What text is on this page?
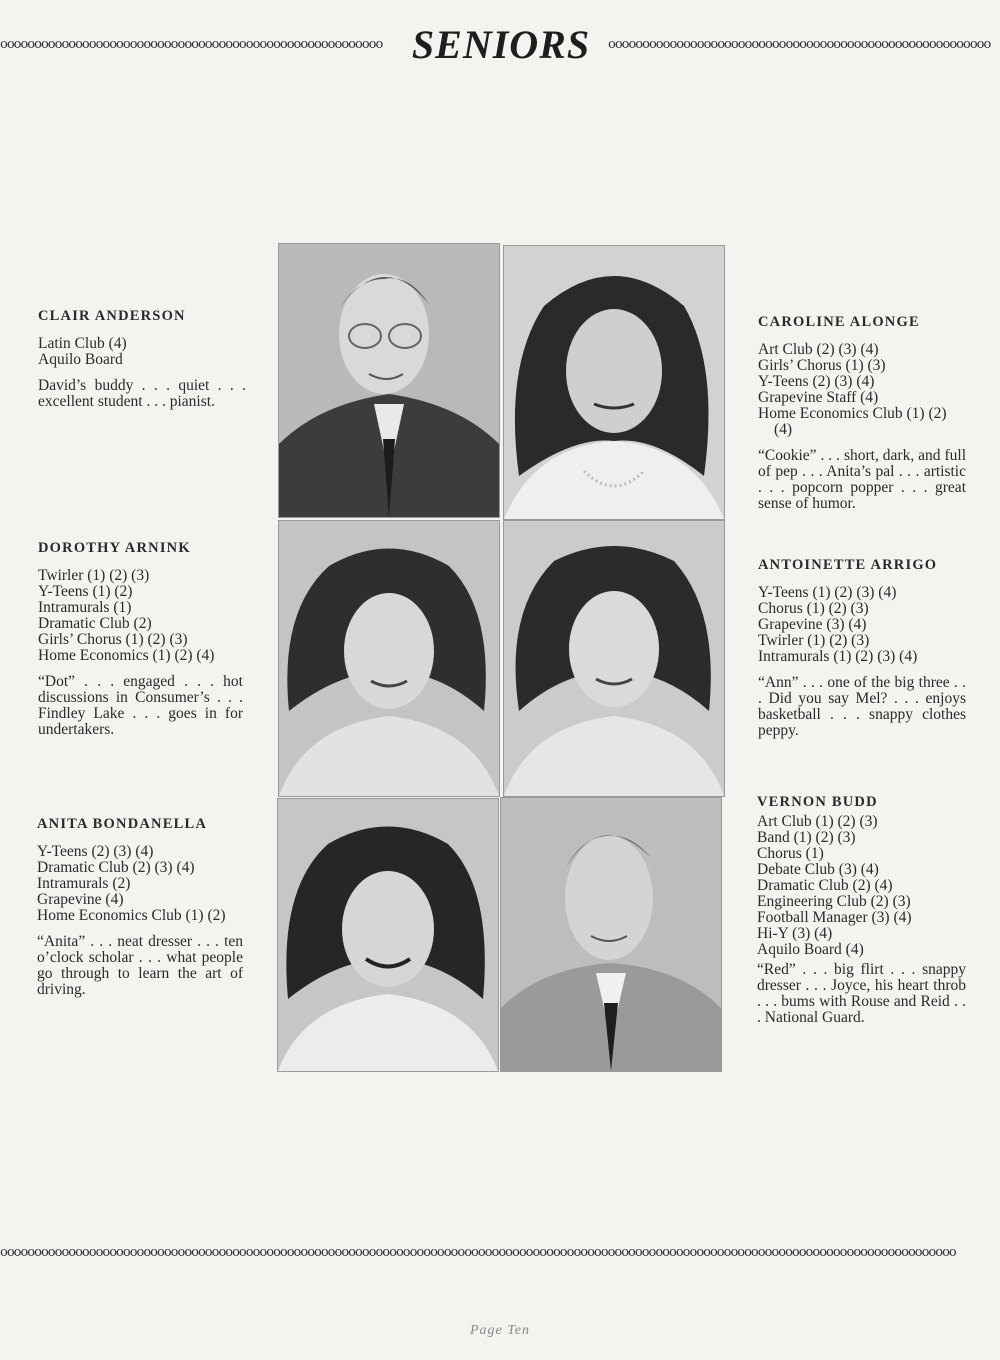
oooooooooooooooooooooooooooooooooooooooooooooooooooooooo SENIORS	oooooooooooooooooooooooooooooooooooooooooooooooooooooooo
CLAIR ANDERSON
Latin Club (4)
Aquilo Board
David’s buddy . . . quiet . . . excellent student . . . pianist.
CAROLINE ALONGE
Art Club (2) (3) (4)
Girls’ Chorus (1) (3)
Y-Teens (2) (3) (4)
Grapevine Staff (4)
Home Economics Club (1) (2) (4)
“Cookie” . . . short, dark, and full of pep . . . Anita’s pal . . . artistic . . . popcorn popper . . . great sense of humor.
DOROTHY ARNINK
Twirler (1) (2) (3)
Y-Teens (1) (2)
Intramurals (1)
Dramatic Club (2)
Girls’ Chorus (1) (2) (3)
Home Economics (1) (2) (4)
“Dot” . . . engaged . . . hot discussions in Consumer’s . . . Findley Lake . . . goes in for undertakers.
ANTOINETTE ARRIGO
Y-Teens (1) (2) (3) (4)
Chorus (1) (2) (3)
Grapevine (3) (4)
Twirler (1) (2) (3)
Intramurals (1) (2) (3) (4)
“Ann” . . . one of the big three . . . Did you say Mel? . . . enjoys basketball . . . snappy clothes peppy.
ANITA BONDANELLA
Y-Teens (2) (3) (4)
Dramatic Club (2) (3) (4)
Intramurals (2)
Grapevine (4)
Home Economics Club (1) (2)
“Anita” . . . neat dresser . . . ten o’clock scholar . . . what people go through to learn the art of driving.
VERNON BUDD
Art Club (1) (2) (3)
Band (1) (2) (3)
Chorus (1)
Debate Club (3) (4)
Dramatic Club (2) (4)
Engineering Club (2) (3)
Football Manager (3) (4)
Hi-Y (3) (4)
Aquilo Board (4)
“Red” . . . big flirt . . . snappy dresser . . . Joyce, his heart throb . . . bums with Rouse and Reid . . . National Guard.
oooooooooooooooooooooooooooooooooooooooooooooooooooooooooooooooooooooooooooooooooooooooooooooooooooooooooooooooooooooooooooooooooooooooooooo
Page Ten
